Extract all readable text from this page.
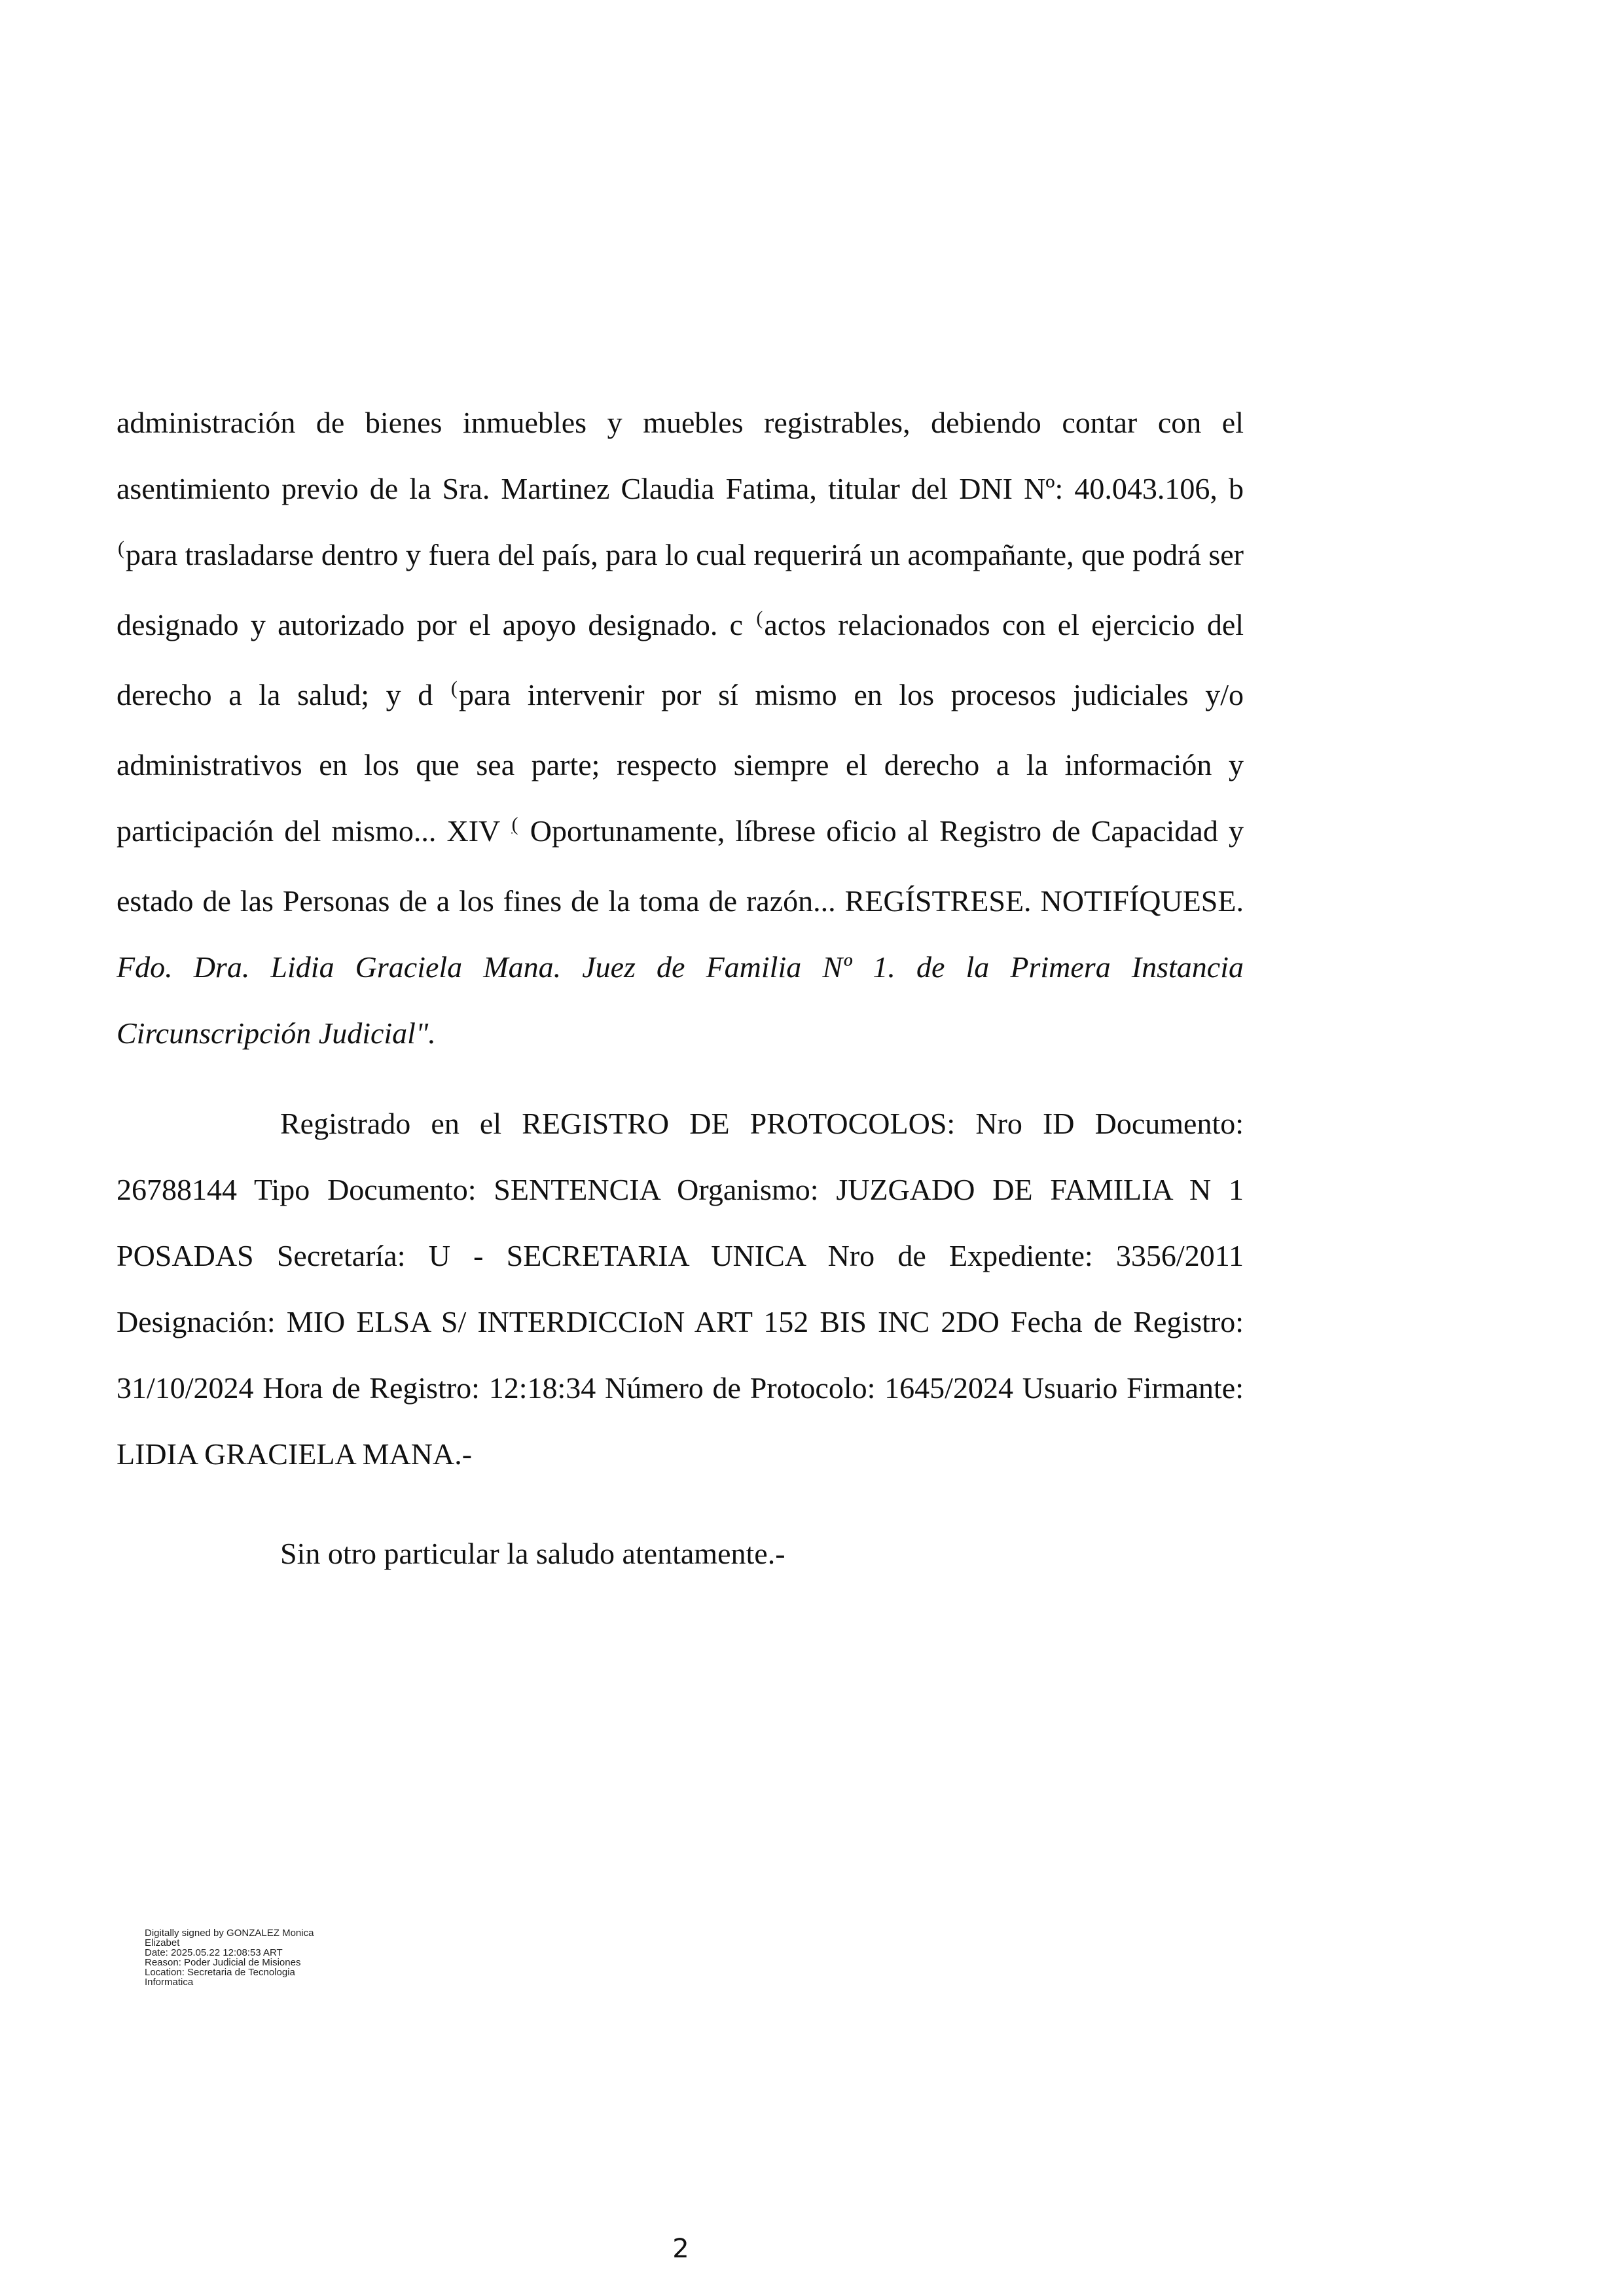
administración de bienes inmuebles y muebles registrables, debiendo contar con el asentimiento previo de la Sra. Martinez Claudia Fatima, titular del DNI Nº: 40.043.106, b (para trasladarse dentro y fuera del país, para lo cual requerirá un acompañante, que podrá ser designado y autorizado por el apoyo designado. c (actos relacionados con el ejercicio del derecho a la salud; y d (para intervenir por sí mismo en los procesos judiciales y/o administrativos en los que sea parte; respecto siempre el derecho a la información y participación del mismo... XIV ( Oportunamente, líbrese oficio al Registro de Capacidad y estado de las Personas de a los fines de la toma de razón... REGÍSTRESE. NOTIFÍQUESE. Fdo. Dra. Lidia Graciela Mana. Juez de Familia Nº 1. de la Primera Instancia Circunscripción Judicial".

Registrado en el REGISTRO DE PROTOCOLOS: Nro ID Documento: 26788144 Tipo Documento: SENTENCIA Organismo: JUZGADO DE FAMILIA N 1 POSADAS Secretaría: U - SECRETARIA UNICA Nro de Expediente: 3356/2011 Designación: MIO ELSA S/ INTERDICCIoN ART 152 BIS INC 2DO Fecha de Registro: 31/10/2024 Hora de Registro: 12:18:34 Número de Protocolo: 1645/2024 Usuario Firmante: LIDIA GRACIELA MANA.-

Sin otro particular la saludo atentamente.-

Digitally signed by GONZALEZ Monica
Elizabet
Date: 2025.05.22 12:08:53 ART
Reason: Poder Judicial de Misiones
Location: Secretaria de Tecnologia
Informatica
2
